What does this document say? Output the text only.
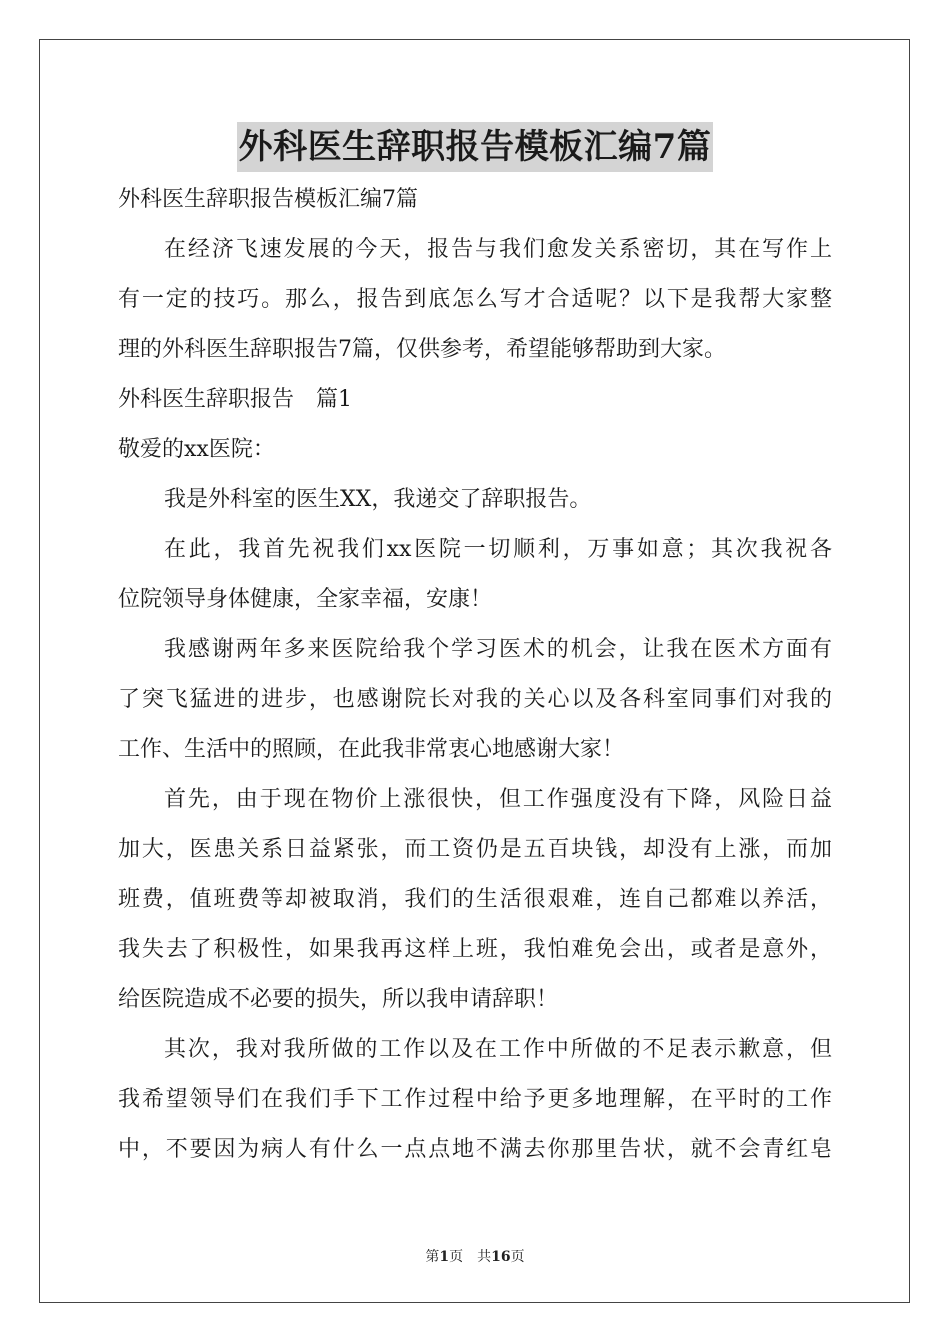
外科医生辞职报告模板汇编7篇
外科医生辞职报告模板汇编7篇
在经济飞速发展的今天，报告与我们愈发关系密切，其在写作上
有一定的技巧。那么，报告到底怎么写才合适呢？以下是我帮大家整
理的外科医生辞职报告7篇，仅供参考，希望能够帮助到大家。
外科医生辞职报告　篇1
敬爱的xx医院：
我是外科室的医生XX，我递交了辞职报告。
在此，我首先祝我们xx医院一切顺利，万事如意；其次我祝各
位院领导身体健康，全家幸福，安康！
我感谢两年多来医院给我个学习医术的机会，让我在医术方面有
了突飞猛进的进步，也感谢院长对我的关心以及各科室同事们对我的
工作、生活中的照顾，在此我非常衷心地感谢大家！
首先，由于现在物价上涨很快，但工作强度没有下降，风险日益
加大，医患关系日益紧张，而工资仍是五百块钱，却没有上涨，而加
班费，值班费等却被取消，我们的生活很艰难，连自己都难以养活，
我失去了积极性，如果我再这样上班，我怕难免会出，或者是意外，
给医院造成不必要的损失，所以我申请辞职！
其次，我对我所做的工作以及在工作中所做的不足表示歉意，但
我希望领导们在我们手下工作过程中给予更多地理解，在平时的工作
中，不要因为病人有什么一点点地不满去你那里告状，就不会青红皂
第1页　共16页
